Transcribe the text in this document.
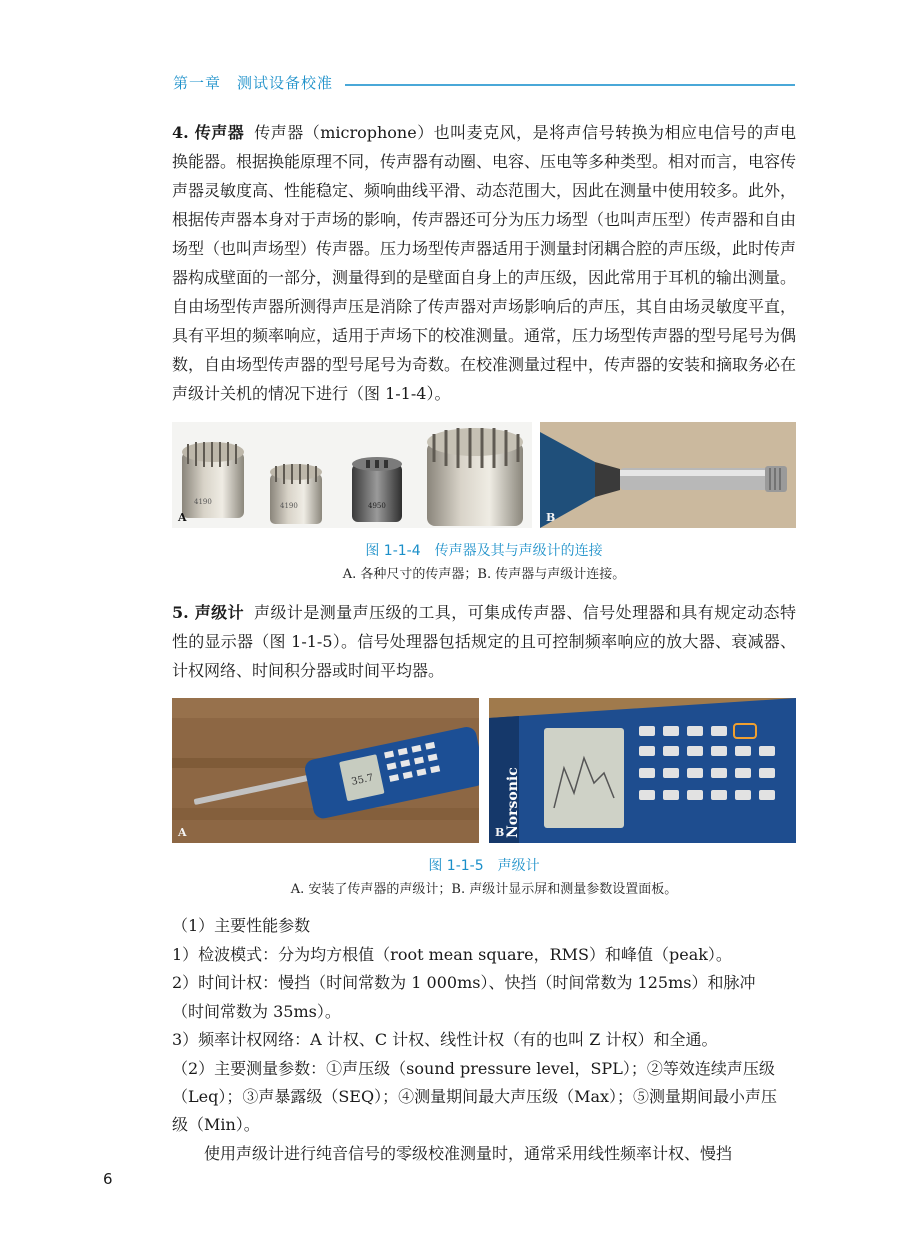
第一章　测试设备校准

4. 传声器 传声器（microphone）也叫麦克风，是将声信号转换为相应电信号的声电换能器。根据换能原理不同，传声器有动圈、电容、压电等多种类型。相对而言，电容传声器灵敏度高、性能稳定、频响曲线平滑、动态范围大，因此在测量中使用较多。此外，根据传声器本身对于声场的影响，传声器还可分为压力场型（也叫声压型）传声器和自由场型（也叫声场型）传声器。压力场型传声器适用于测量封闭耦合腔的声压级，此时传声器构成壁面的一部分，测量得到的是壁面自身上的声压级，因此常用于耳机的输出测量。自由场型传声器所测得声压是消除了传声器对声场影响后的声压，其自由场灵敏度平直，具有平坦的频率响应，适用于声场下的校准测量。通常，压力场型传声器的型号尾号为偶数，自由场型传声器的型号尾号为奇数。在校准测量过程中，传声器的安装和摘取务必在声级计关机的情况下进行（图 1-1-4）。

4190	4190	4950
A	B
图 1-1-4　传声器及其与声级计的连接
A. 各种尺寸的传声器；B. 传声器与声级计连接。

5. 声级计 声级计是测量声压级的工具，可集成传声器、信号处理器和具有规定动态特性的显示器（图 1-1-5）。信号处理器包括规定的且可控制频率响应的放大器、衰减器、计权网络、时间积分器或时间平均器。

35.7
A	Norsonic
B
图 1-1-5　声级计
A. 安装了传声器的声级计；B. 声级计显示屏和测量参数设置面板。

（1）主要性能参数

1）检波模式：分为均方根值（root mean square，RMS）和峰值（peak）。

2）时间计权：慢挡（时间常数为 1 000ms）、快挡（时间常数为 125ms）和脉冲

（时间常数为 35ms）。

3）频率计权网络：A 计权、C 计权、线性计权（有的也叫 Z 计权）和全通。

（2）主要测量参数：①声压级（sound pressure level，SPL）；②等效连续声压级

（Leq）；③声暴露级（SEQ）；④测量期间最大声压级（Max）；⑤测量期间最小声压

级（Min）。

使用声级计进行纯音信号的零级校准测量时，通常采用线性频率计权、慢挡

6
